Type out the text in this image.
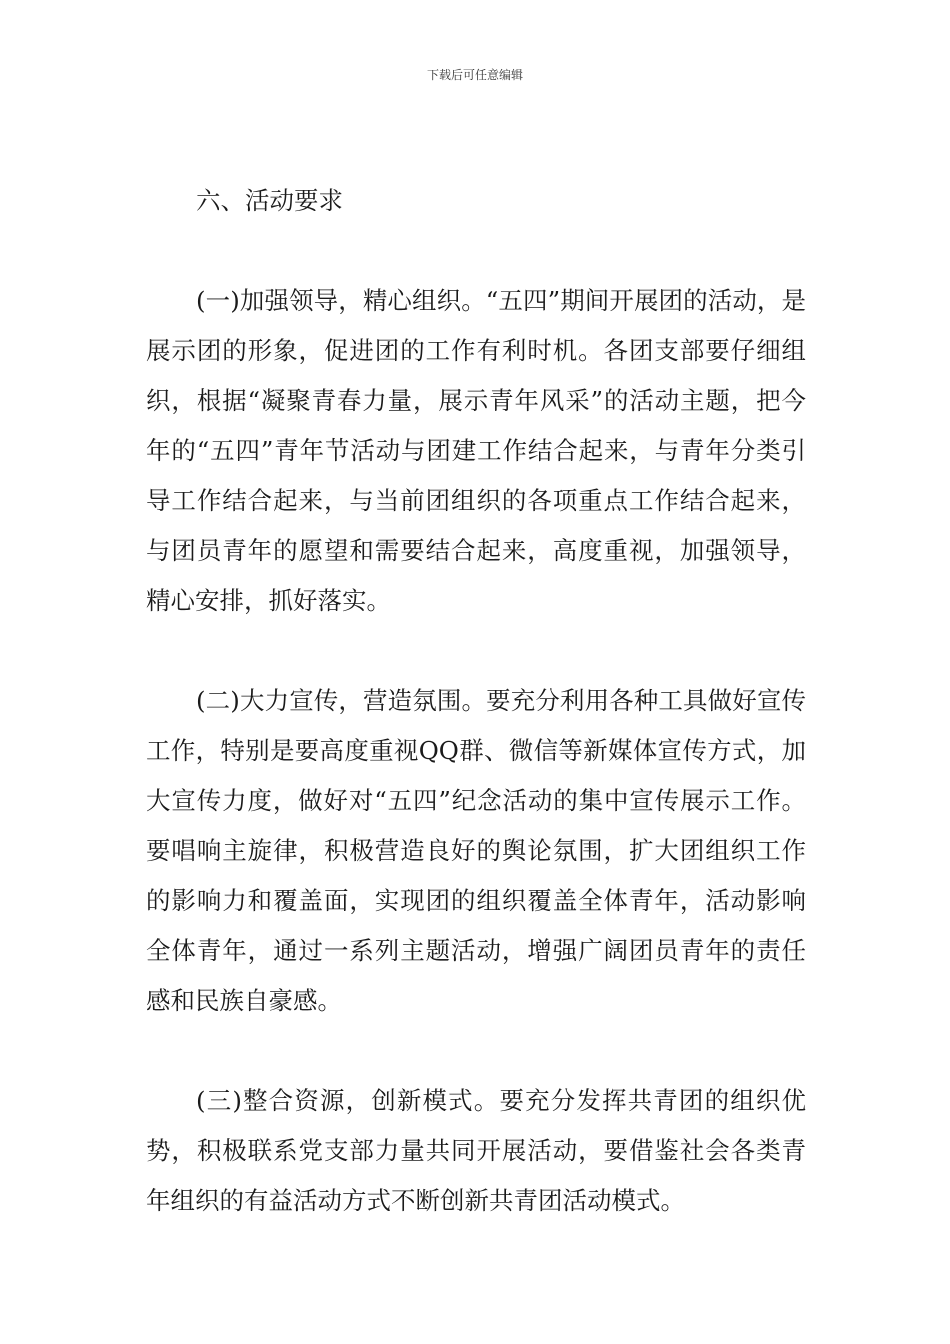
下载后可任意编辑

六、活动要求

(一)加强领导，精心组织。“五四”期间开展团的活动，是展示团的形象，促进团的工作有利时机。各团支部要仔细组织，根据“凝聚青春力量，展示青年风采”的活动主题，把今年的“五四”青年节活动与团建工作结合起来，与青年分类引导工作结合起来，与当前团组织的各项重点工作结合起来，与团员青年的愿望和需要结合起来，高度重视，加强领导，精心安排，抓好落实。

(二)大力宣传，营造氛围。要充分利用各种工具做好宣传工作，特别是要高度重视QQ群、微信等新媒体宣传方式，加大宣传力度，做好对“五四”纪念活动的集中宣传展示工作。要唱响主旋律，积极营造良好的舆论氛围，扩大团组织工作的影响力和覆盖面，实现团的组织覆盖全体青年，活动影响全体青年，通过一系列主题活动，增强广阔团员青年的责任感和民族自豪感。

(三)整合资源，创新模式。要充分发挥共青团的组织优势，积极联系党支部力量共同开展活动，要借鉴社会各类青年组织的有益活动方式不断创新共青团活动模式。
